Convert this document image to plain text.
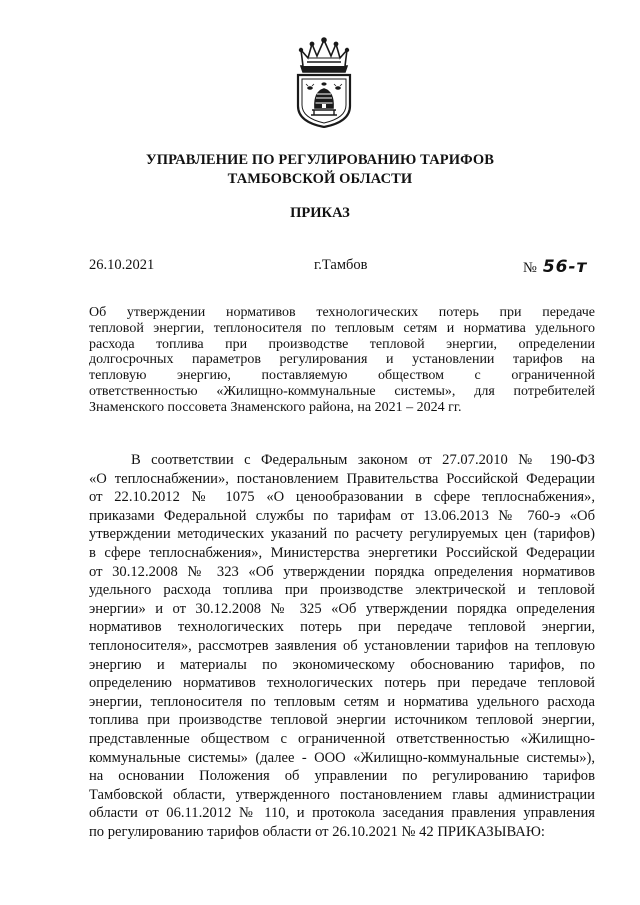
УПРАВЛЕНИЕ ПО РЕГУЛИРОВАНИЮ ТАРИФОВ
ТАМБОВСКОЙ ОБЛАСТИ
ПРИКАЗ
26.10.2021	г.Тамбов	№ 56-т
Об утверждении нормативов технологических потерь при передаче
тепловой энергии, теплоносителя по тепловым сетям и норматива удельного
расхода топлива при производстве тепловой энергии, определении
долгосрочных параметров регулирования и установлении тарифов на
тепловую энергию, поставляемую обществом с ограниченной
ответственностью «Жилищно-коммунальные системы», для потребителей
Знаменского поссовета Знаменского района, на 2021 – 2024 гг.
В соответствии с Федеральным законом от 27.07.2010 № 190-ФЗ
«О теплоснабжении», постановлением Правительства Российской Федерации
от 22.10.2012 № 1075 «О ценообразовании в сфере теплоснабжения»,
приказами Федеральной службы по тарифам от 13.06.2013 № 760-э «Об
утверждении методических указаний по расчету регулируемых цен (тарифов)
в сфере теплоснабжения», Министерства энергетики Российской Федерации
от 30.12.2008 № 323 «Об утверждении порядка определения нормативов
удельного расхода топлива при производстве электрической и тепловой
энергии» и от 30.12.2008 № 325 «Об утверждении порядка определения
нормативов технологических потерь при передаче тепловой энергии,
теплоносителя», рассмотрев заявления об установлении тарифов на тепловую
энергию и материалы по экономическому обоснованию тарифов, по
определению нормативов технологических потерь при передаче тепловой
энергии, теплоносителя по тепловым сетям и норматива удельного расхода
топлива при производстве тепловой энергии источником тепловой энергии,
представленные обществом с ограниченной ответственностью «Жилищно-
коммунальные системы» (далее - ООО «Жилищно-коммунальные системы»),
на основании Положения об управлении по регулированию тарифов
Тамбовской области, утвержденного постановлением главы администрации
области от 06.11.2012 № 110, и протокола заседания правления управления
по регулированию тарифов области от 26.10.2021 № 42 ПРИКАЗЫВАЮ:
